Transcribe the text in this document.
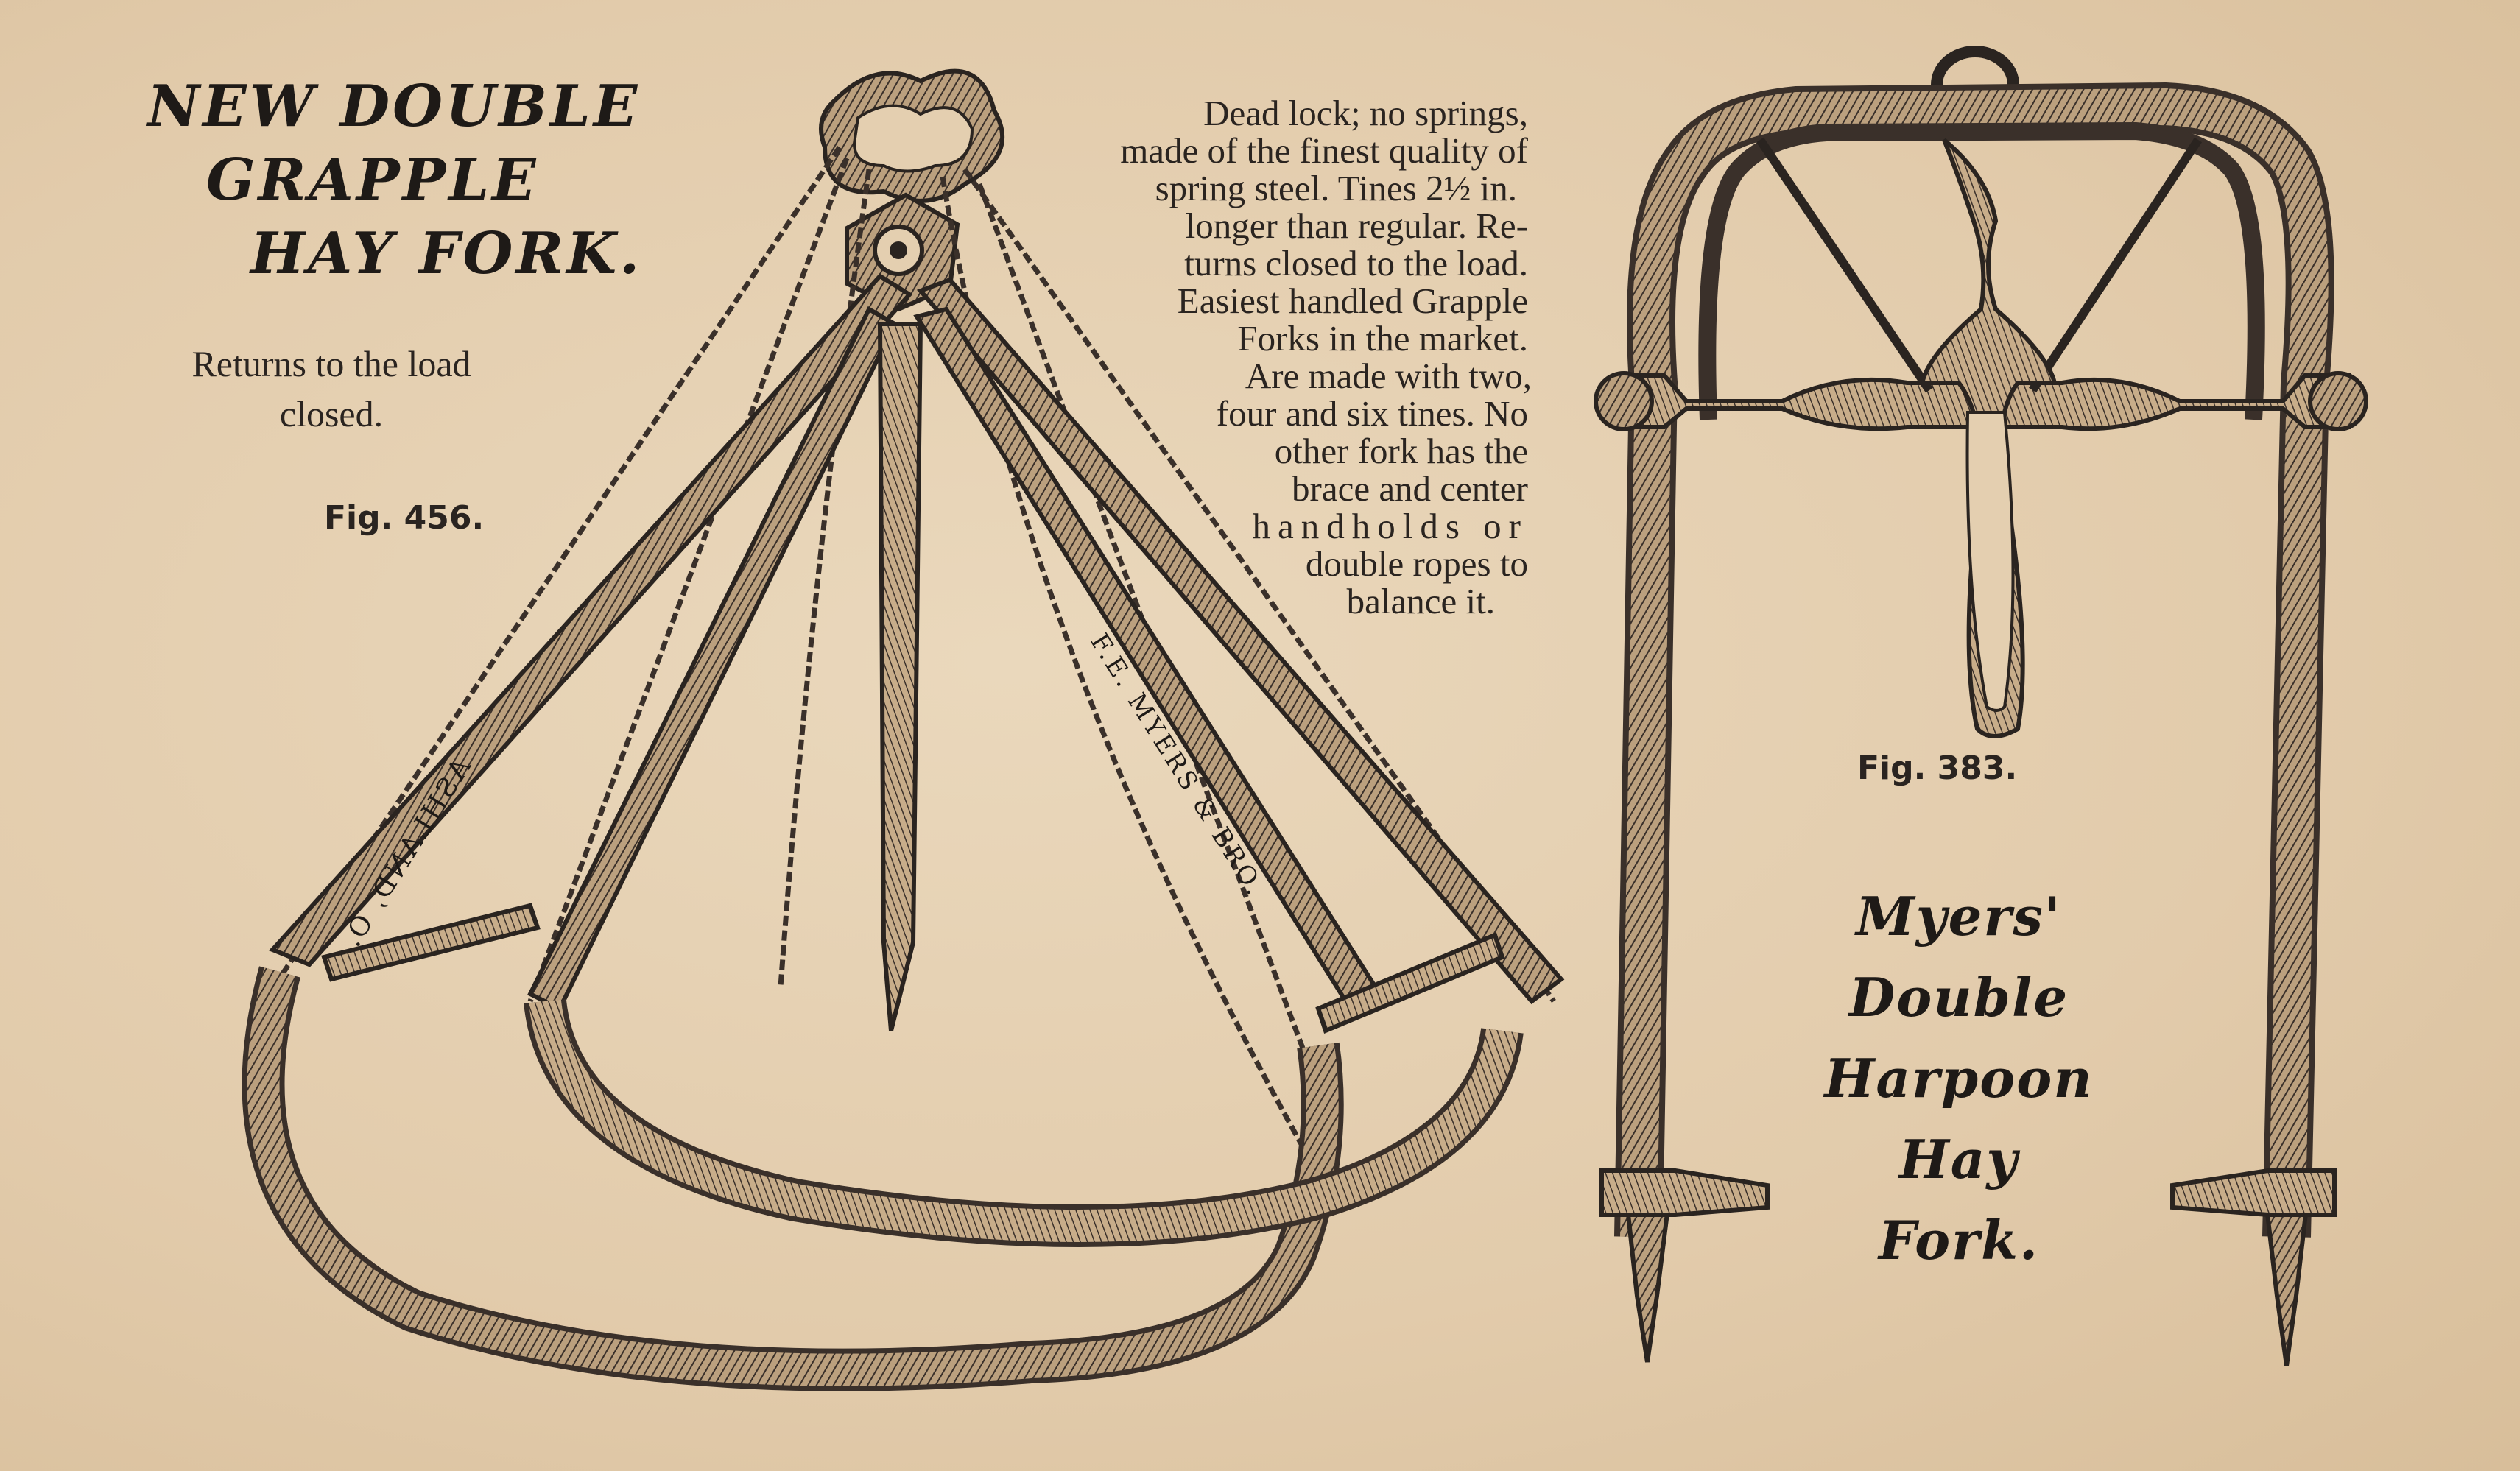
ASHLAND, O.	F.E. MYERS & BRO.
NEW DOUBLE
GRAPPLE
HAY FORK.
Returns to the load
closed.
Fig. 456.
Dead lock; no springs,
made of the finest quality of
spring steel. Tines 2½ in.
longer than regular. Re-
turns closed to the load.
Easiest handled Grapple
Forks in the market.
Are made with two,
four and six tines. No
other fork has the
brace and center
handholds or
double ropes to
balance it.
Fig. 383.
Myers'
Double
Harpoon
Hay
Fork.
